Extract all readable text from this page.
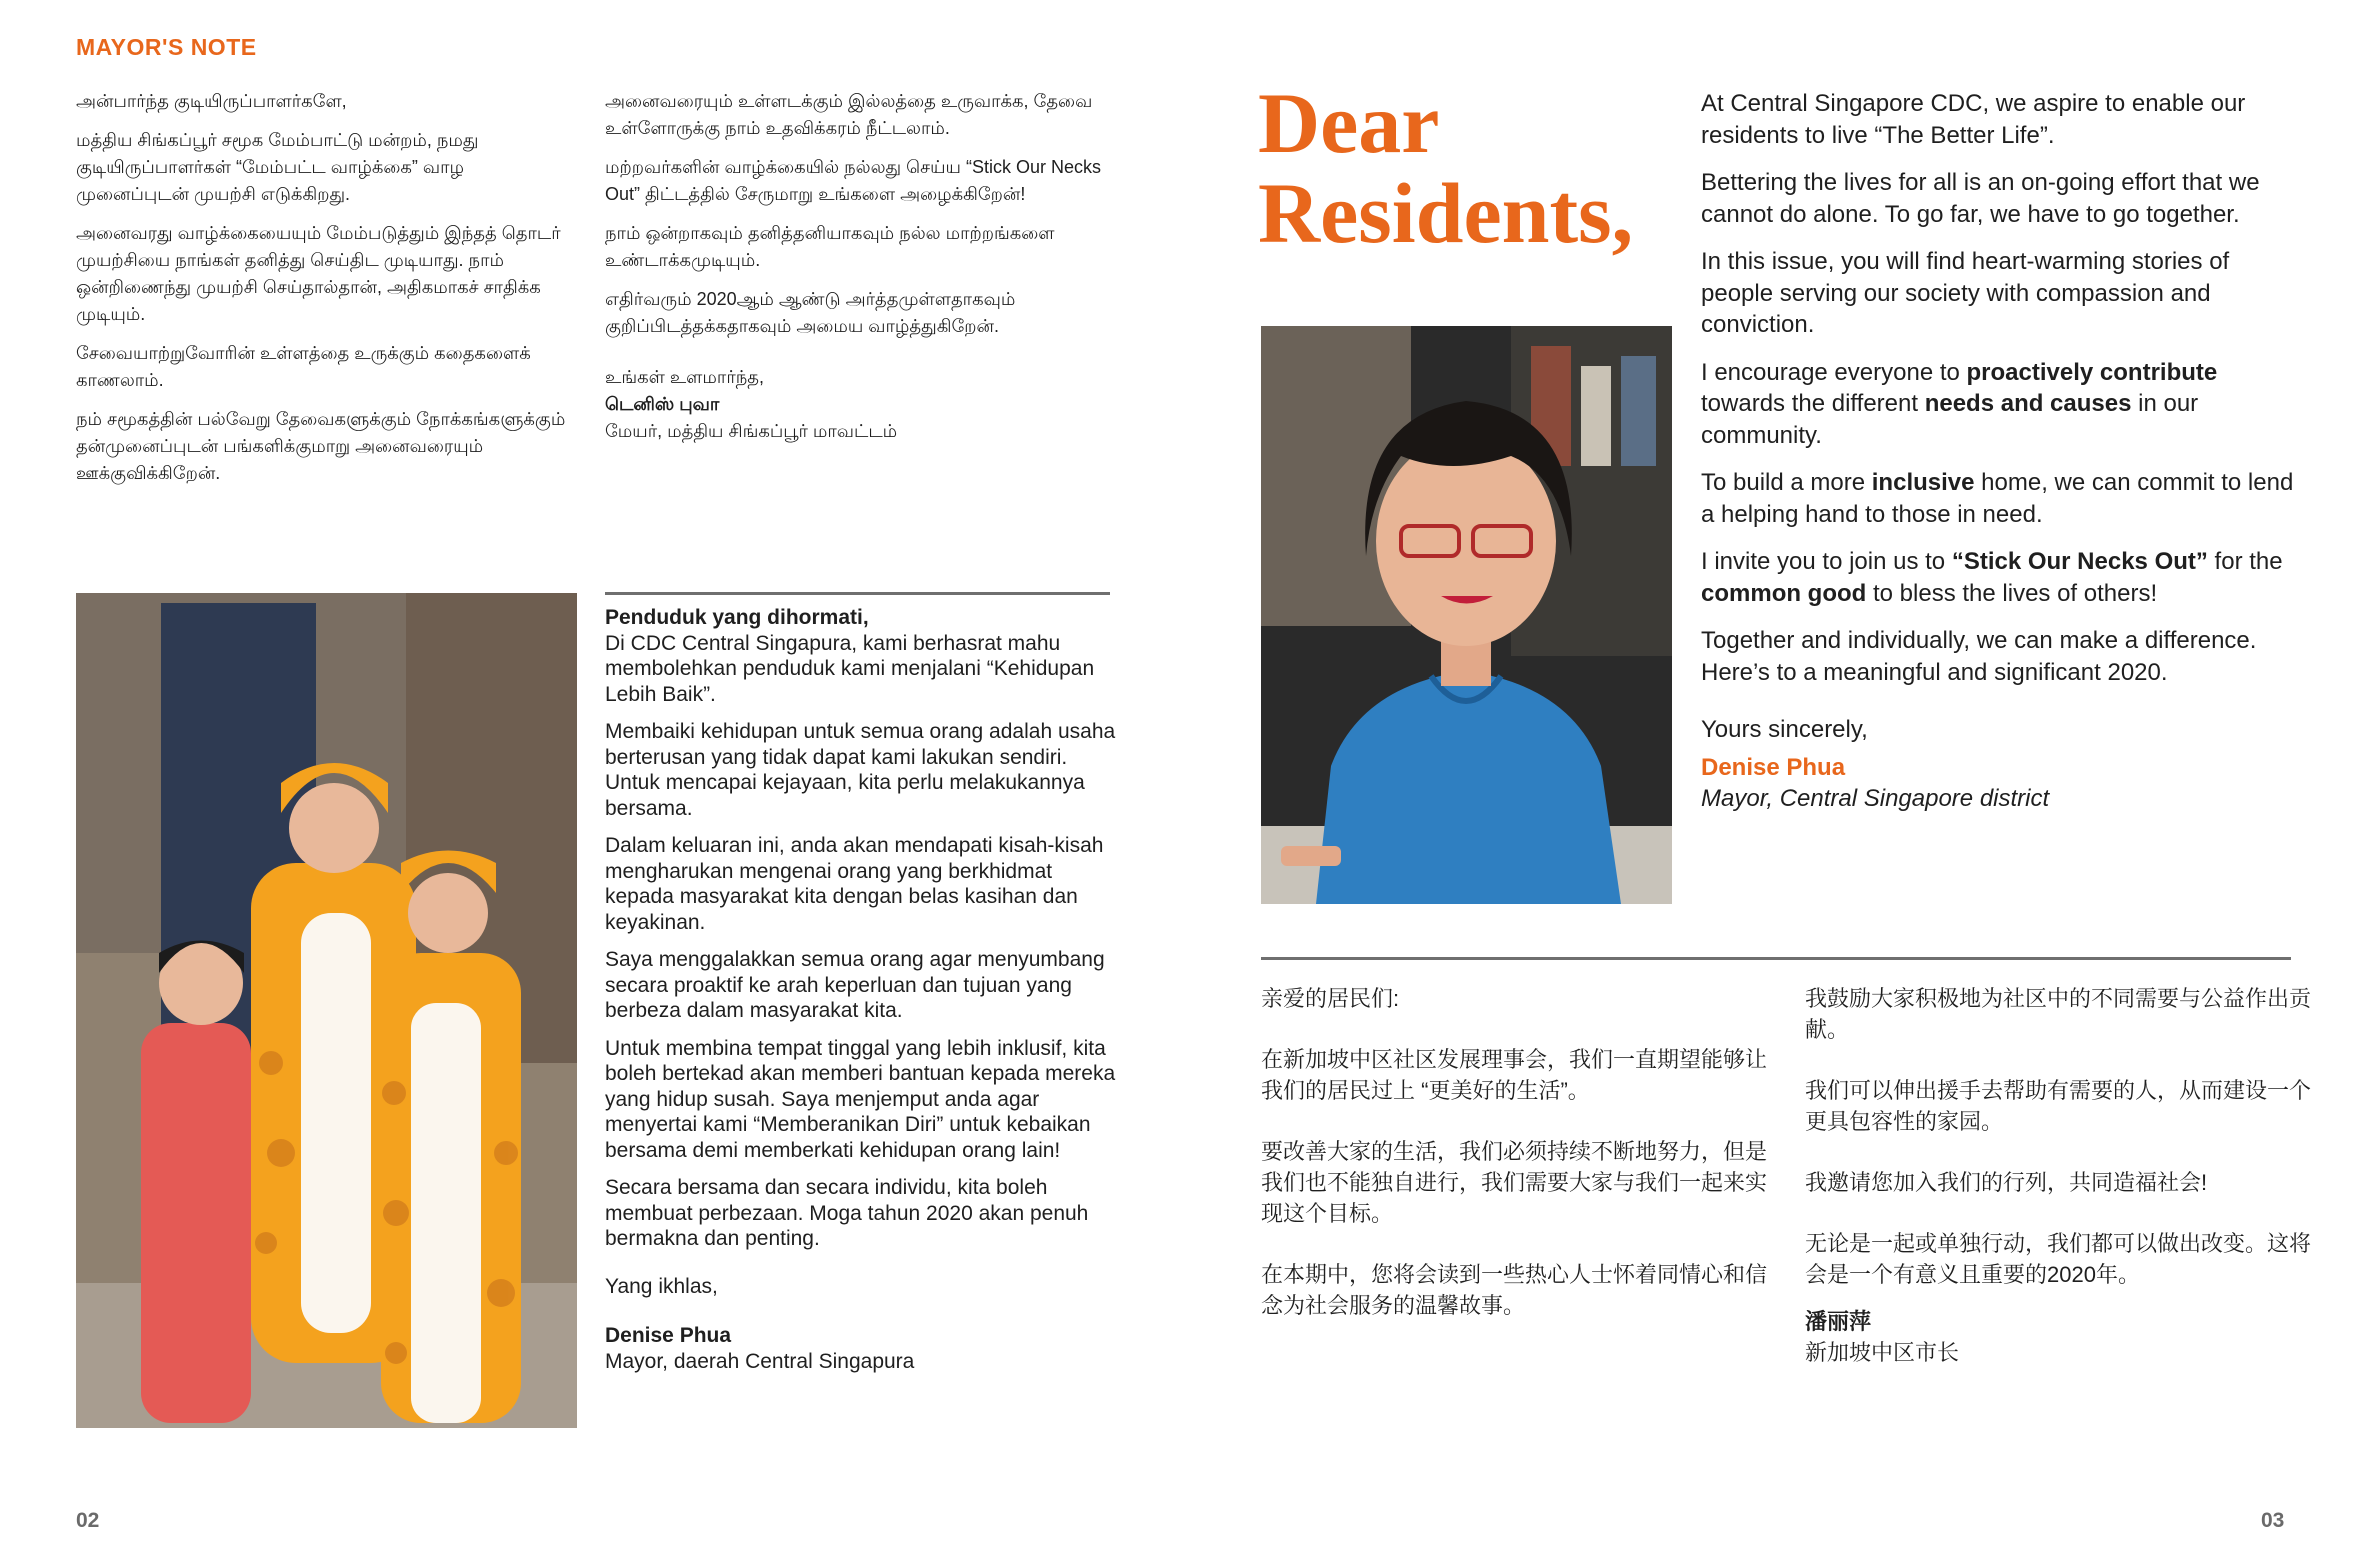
MAYOR'S NOTE

அன்பார்ந்த குடியிருப்பாளர்களே,

மத்திய சிங்கப்பூர் சமூக மேம்பாட்டு மன்றம், நமது குடியிருப்பாளர்கள் “மேம்பட்ட வாழ்க்கை” வாழ முனைப்புடன் முயற்சி எடுக்கிறது.

அனைவரது வாழ்க்கையையும் மேம்படுத்தும் இந்தத் தொடர் முயற்சியை நாங்கள் தனித்து செய்திட முடியாது. நாம் ஒன்றிணைந்து முயற்சி செய்தால்தான், அதிகமாகச் சாதிக்க முடியும்.

சேவையாற்றுவோரின் உள்ளத்தை உருக்கும் கதைகளைக் காணலாம்.

நம் சமூகத்தின் பல்வேறு தேவைகளுக்கும் நோக்கங்களுக்கும் தன்முனைப்புடன் பங்களிக்குமாறு அனைவரையும் ஊக்குவிக்கிறேன்.

அனைவரையும் உள்ளடக்கும் இல்லத்தை உருவாக்க, தேவை உள்ளோருக்கு நாம் உதவிக்கரம் நீட்டலாம்.

மற்றவர்களின் வாழ்க்கையில் நல்லது செய்ய “Stick Our Necks Out” திட்டத்தில் சேருமாறு உங்களை அழைக்கிறேன்!

நாம் ஒன்றாகவும் தனித்தனியாகவும் நல்ல மாற்றங்களை உண்டாக்கமுடியும்.

எதிர்வரும் 2020ஆம் ஆண்டு அர்த்தமுள்ளதாகவும் குறிப்பிடத்தக்கதாகவும் அமைய வாழ்த்துகிறேன்.

உங்கள் உளமார்ந்த,

டெனிஸ் புவா

மேயர், மத்திய சிங்கப்பூர் மாவட்டம்

Penduduk yang dihormati,

Di CDC Central Singapura, kami berhasrat mahu membolehkan penduduk kami menjalani “Kehidupan Lebih Baik”.

Membaiki kehidupan untuk semua orang adalah usaha berterusan yang tidak dapat kami lakukan sendiri. Untuk mencapai kejayaan, kita perlu melakukannya bersama.

Dalam keluaran ini, anda akan mendapati kisah-kisah mengharukan mengenai orang yang berkhidmat kepada masyarakat kita dengan belas kasihan dan keyakinan.

Saya menggalakkan semua orang agar menyumbang secara proaktif ke arah keperluan dan tujuan yang berbeza dalam masyarakat kita.

Untuk membina tempat tinggal yang lebih inklusif, kita boleh bertekad akan memberi bantuan kepada mereka yang hidup susah. Saya menjemput anda agar menyertai kami “Memberanikan Diri” untuk kebaikan bersama demi memberkati kehidupan orang lain!

Secara bersama dan secara individu, kita boleh membuat perbezaan. Moga tahun 2020 akan penuh bermakna dan penting.

Yang ikhlas,

Denise Phua

Mayor, daerah Central Singapura

02
Dear
Residents,

At Central Singapore CDC, we aspire to enable our residents to live “The Better Life”.

Bettering the lives for all is an on-going effort that we cannot do alone. To go far, we have to go together.

In this issue, you will find heart-warming stories of people serving our society with compassion and conviction.

I encourage everyone to proactively contribute towards the different needs and causes in our community.

To build a more inclusive home, we can commit to lend a helping hand to those in need.

I invite you to join us to “Stick Our Necks Out” for the common good to bless the lives of others!

Together and individually, we can make a difference. Here’s to a meaningful and significant 2020.

Yours sincerely,

Denise Phua

Mayor, Central Singapore district

亲爱的居民们:

在新加坡中区社区发展理事会，我们一直期望能够让我们的居民过上 “更美好的生活”。

要改善大家的生活，我们必须持续不断地努力，但是我们也不能独自进行，我们需要大家与我们一起来实现这个目标。

在本期中，您将会读到一些热心人士怀着同情心和信念为社会服务的温馨故事。

我鼓励大家积极地为社区中的不同需要与公益作出贡献。

我们可以伸出援手去帮助有需要的人，从而建设一个更具包容性的家园。

我邀请您加入我们的行列，共同造福社会!

无论是一起或单独行动，我们都可以做出改变。这将会是一个有意义且重要的2020年。

潘丽萍

新加坡中区市长

03
